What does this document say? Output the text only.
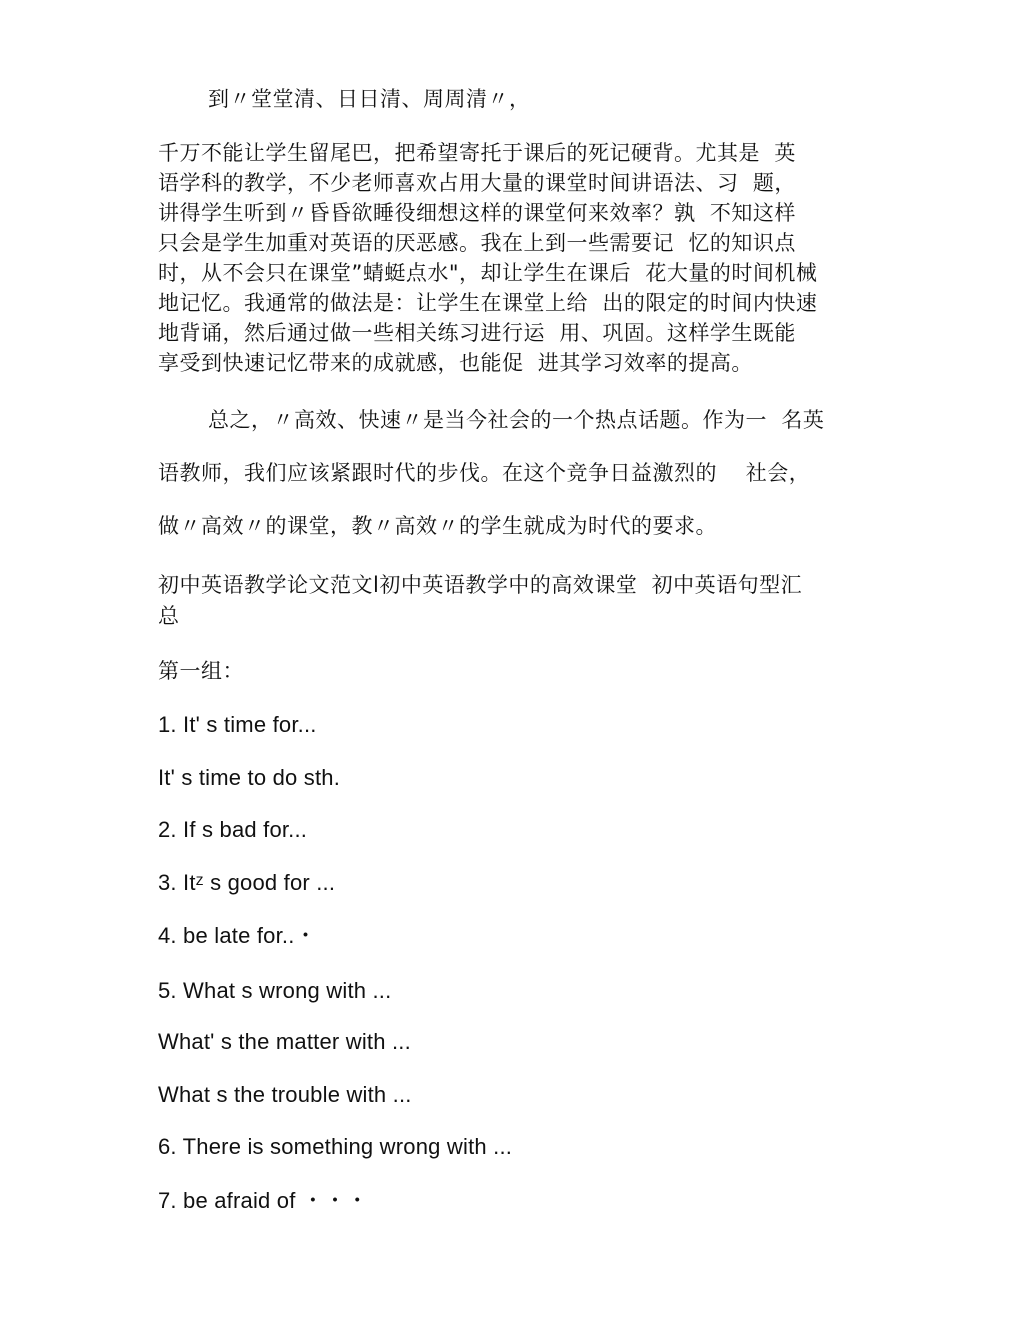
到〃堂堂清、日日清、周周清〃，
千万不能让学生留尾巴，把希望寄托于课后的死记硬背。尤其是  英
语学科的教学，不少老师喜欢占用大量的课堂时间讲语法、习  题，
讲得学生听到〃昏昏欲睡役细想这样的课堂何来效率？孰  不知这样
只会是学生加重对英语的厌恶感。我在上到一些需要记  忆的知识点
时，从不会只在课堂”蜻蜓点水"，却让学生在课后  花大量的时间机械
地记忆。我通常的做法是：让学生在课堂上给  出的限定的时间内快速
地背诵，然后通过做一些相关练习进行运  用、巩固。这样学生既能
享受到快速记忆带来的成就感，也能促  进其学习效率的提高。
总之，〃高效、快速〃是当今社会的一个热点话题。作为一  名英
语教师，我们应该紧跟时代的步伐。在这个竞争日益激烈的    社会，
做〃高效〃的课堂，教〃高效〃的学生就成为时代的要求。
初中英语教学论文范文l初中英语教学中的高效课堂  初中英语句型汇
总
第一组：
1. It' s time for...
It' s time to do sth.
2. If s bad for...
3. Itᶻ s good for ...
4. be late for..・
5. What s wrong with ...
What' s the matter with ...
What s the trouble with ...
6. There is something wrong with ...
7. be afraid of ・・・
